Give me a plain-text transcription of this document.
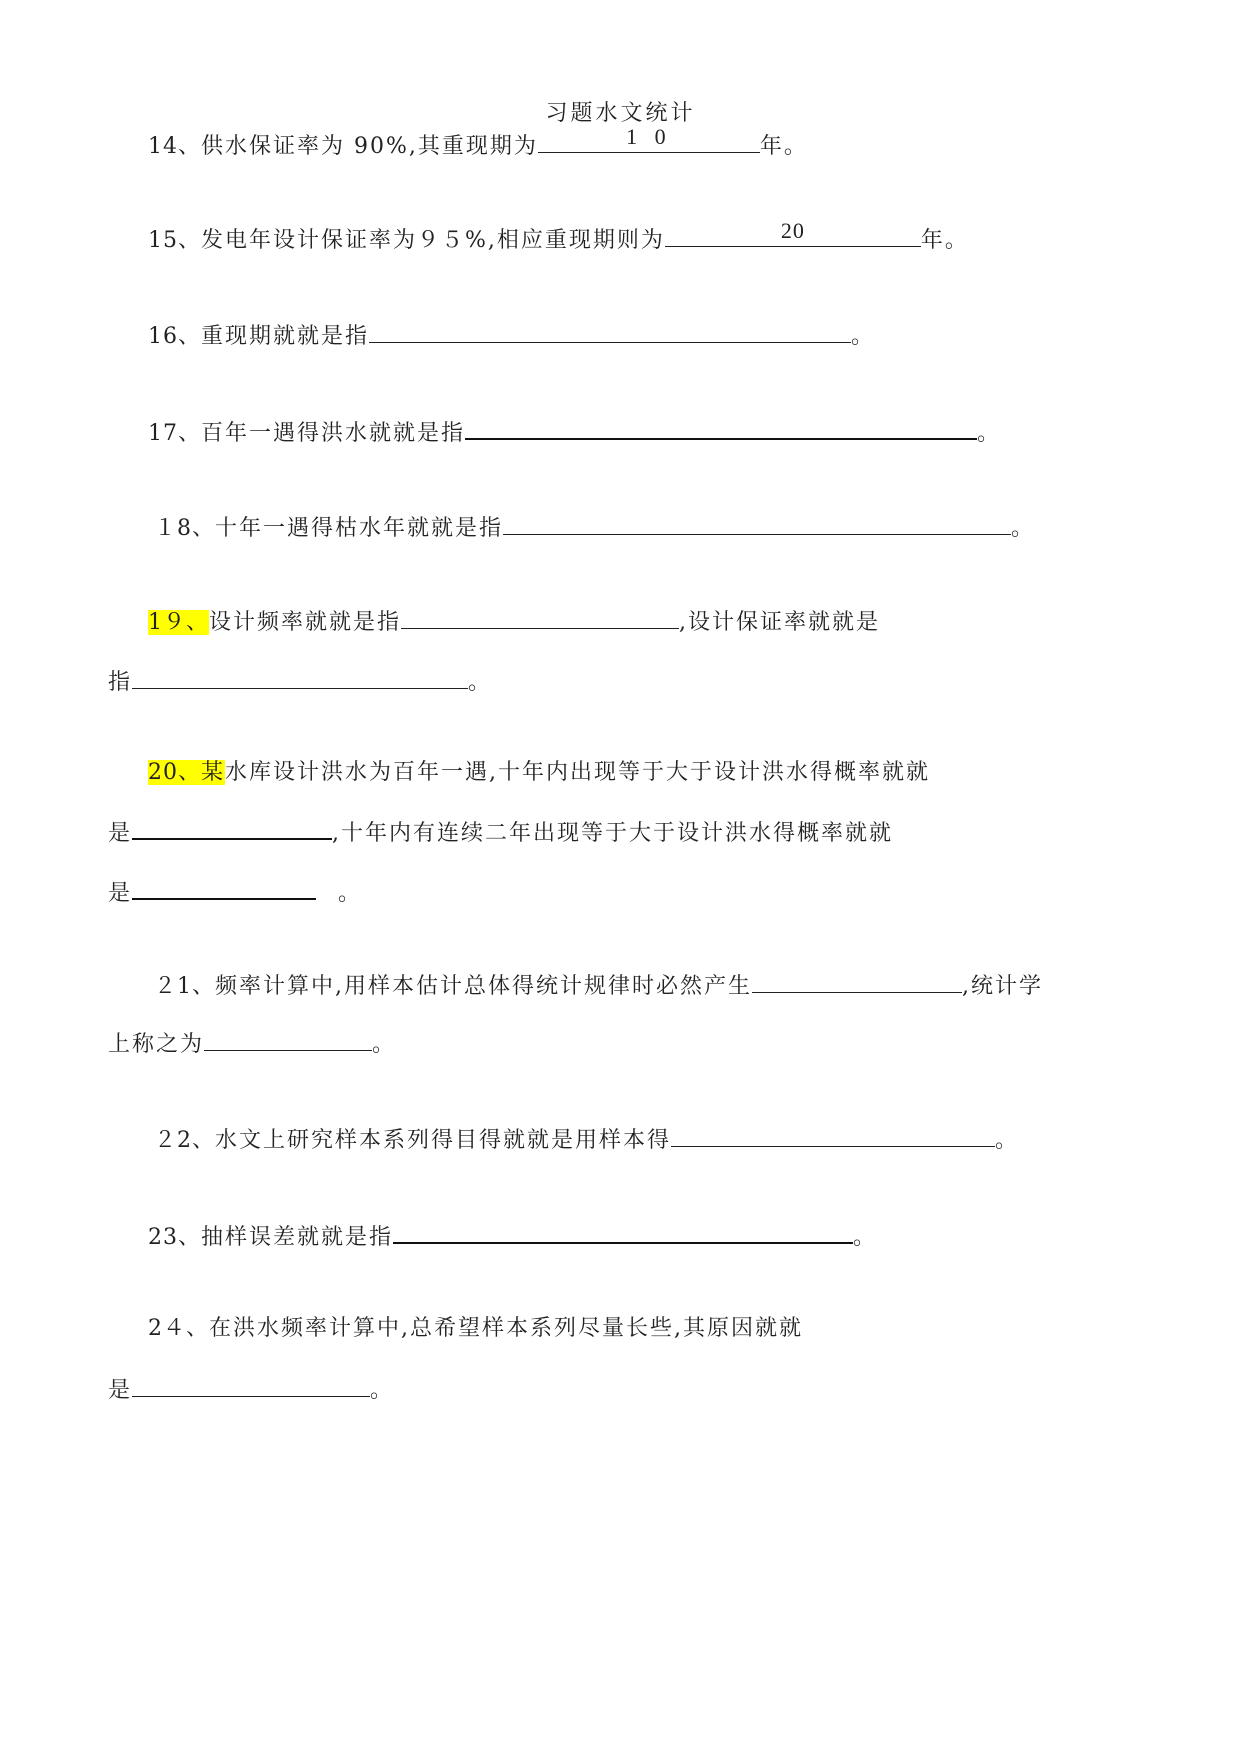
习题水文统计
14、供水保证率为 90%,其重现期为	1 0	年。
15、发电年设计保证率为９５%,相应重现期则为	20	年。
16、重现期就就是指	。
17、百年一遇得洪水就就是指	。
１8、十年一遇得枯水年就就是指	。
1９、设计频率就就是指	,设计保证率就就是
指	。
20、某水库设计洪水为百年一遇,十年内出现等于大于设计洪水得概率就就
是	,十年内有连续二年出现等于大于设计洪水得概率就就
是	。
２1、频率计算中,用样本估计总体得统计规律时必然产生	,统计学
上称之为	。
２2、水文上研究样本系列得目得就就是用样本得	。
23、抽样误差就就是指	。
2４、在洪水频率计算中,总希望样本系列尽量长些,其原因就就
是	。
